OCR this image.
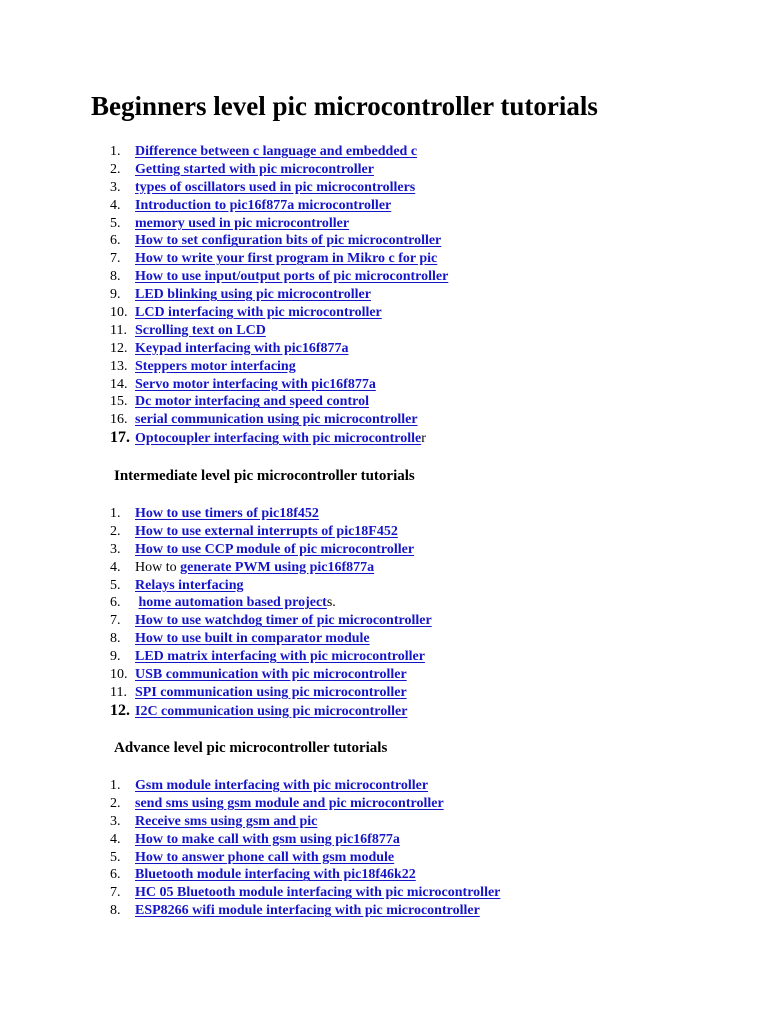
Beginners level pic microcontroller tutorials
1. Difference between c language and embedded c
2. Getting started with pic microcontroller
3. types of oscillators used in pic microcontrollers
4. Introduction to pic16f877a microcontroller
5. memory used in pic microcontroller
6. How to set configuration bits of pic microcontroller
7. How to write your first program in Mikro c for pic
8. How to use input/output ports of pic microcontroller
9. LED blinking using pic microcontroller
10. LCD interfacing with pic microcontroller
11. Scrolling text on LCD
12. Keypad interfacing with pic16f877a
13. Steppers motor interfacing
14. Servo motor interfacing with pic16f877a
15. Dc motor interfacing and speed control
16. serial communication using pic microcontroller
17. Optocoupler interfacing with pic microcontroller
Intermediate level pic microcontroller tutorials
1. How to use timers of pic18f452
2. How to use external interrupts of pic18F452
3. How to use CCP module of pic microcontroller
4. How to generate PWM using pic16f877a
5. Relays interfacing
6. home automation based projects.
7. How to use watchdog timer of pic microcontroller
8. How to use built in comparator module
9. LED matrix interfacing with pic microcontroller
10. USB communication with pic microcontroller
11. SPI communication using pic microcontroller
12. I2C communication using pic microcontroller
Advance level pic microcontroller tutorials
1. Gsm module interfacing with pic microcontroller
2. send sms using gsm module and pic microcontroller
3. Receive sms using gsm and pic
4. How to make call with gsm using pic16f877a
5. How to answer phone call with gsm module
6. Bluetooth module interfacing with pic18f46k22
7. HC 05 Bluetooth module interfacing with pic microcontroller
8. ESP8266 wifi module interfacing with pic microcontroller
